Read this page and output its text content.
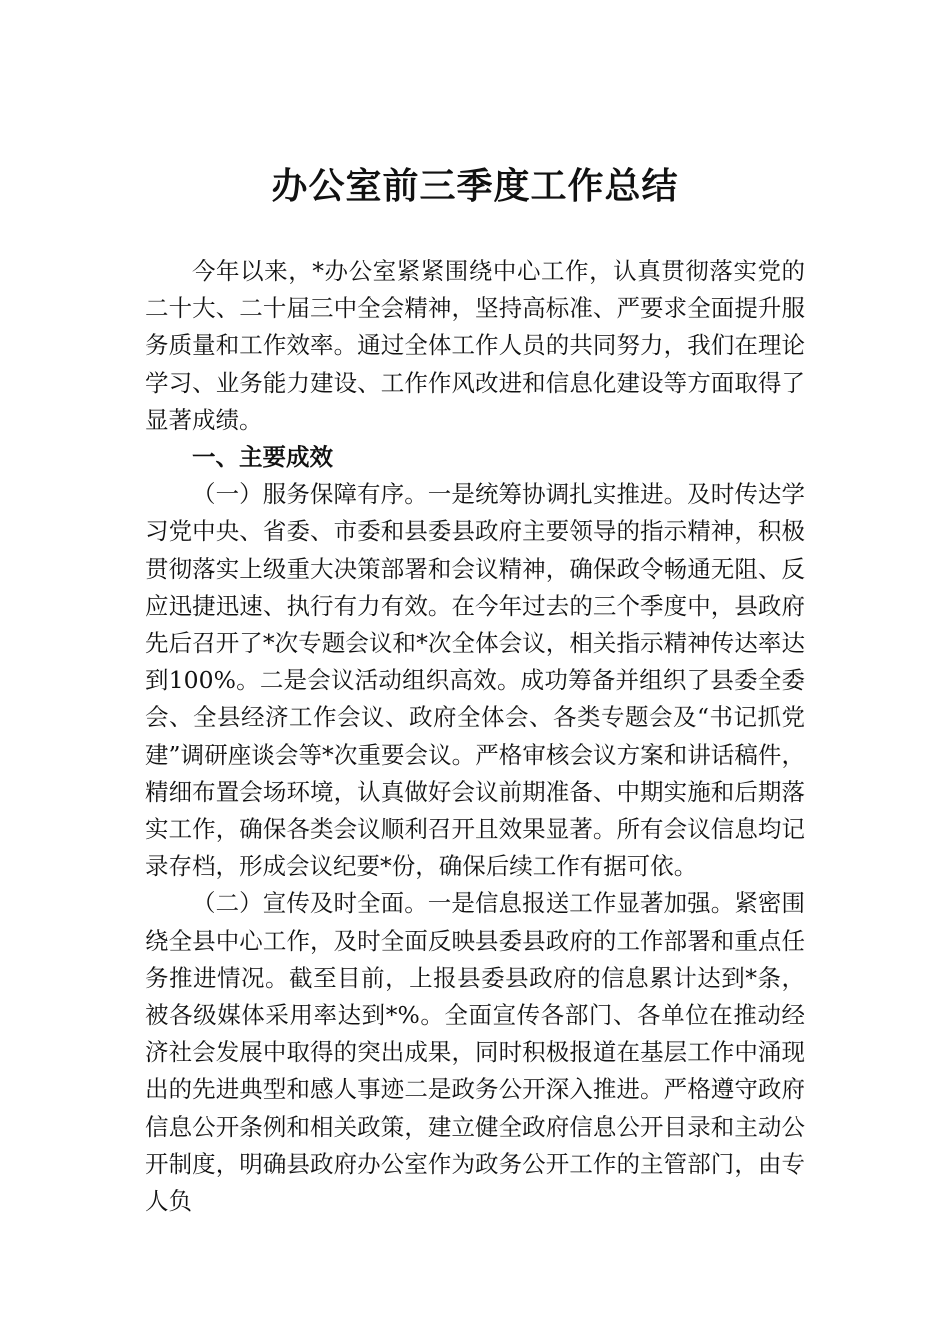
办公室前三季度工作总结

今年以来，*办公室紧紧围绕中心工作，认真贯彻落实党的二十大、二十届三中全会精神，坚持高标准、严要求全面提升服务质量和工作效率。通过全体工作人员的共同努力，我们在理论学习、业务能力建设、工作作风改进和信息化建设等方面取得了显著成绩。

一、主要成效

（一）服务保障有序。一是统筹协调扎实推进。及时传达学习党中央、省委、市委和县委县政府主要领导的指示精神，积极贯彻落实上级重大决策部署和会议精神，确保政令畅通无阻、反应迅捷迅速、执行有力有效。在今年过去的三个季度中，县政府先后召开了*次专题会议和*次全体会议，相关指示精神传达率达到100%。二是会议活动组织高效。成功筹备并组织了县委全委会、全县经济工作会议、政府全体会、各类专题会及“书记抓党建”调研座谈会等*次重要会议。严格审核会议方案和讲话稿件，精细布置会场环境，认真做好会议前期准备、中期实施和后期落实工作，确保各类会议顺利召开且效果显著。所有会议信息均记录存档，形成会议纪要*份，确保后续工作有据可依。

（二）宣传及时全面。一是信息报送工作显著加强。紧密围绕全县中心工作，及时全面反映县委县政府的工作部署和重点任务推进情况。截至目前，上报县委县政府的信息累计达到*条，被各级媒体采用率达到*%。全面宣传各部门、各单位在推动经济社会发展中取得的突出成果，同时积极报道在基层工作中涌现出的先进典型和感人事迹二是政务公开深入推进。严格遵守政府信息公开条例和相关政策，建立健全政府信息公开目录和主动公开制度，明确县政府办公室作为政务公开工作的主管部门，由专人负
